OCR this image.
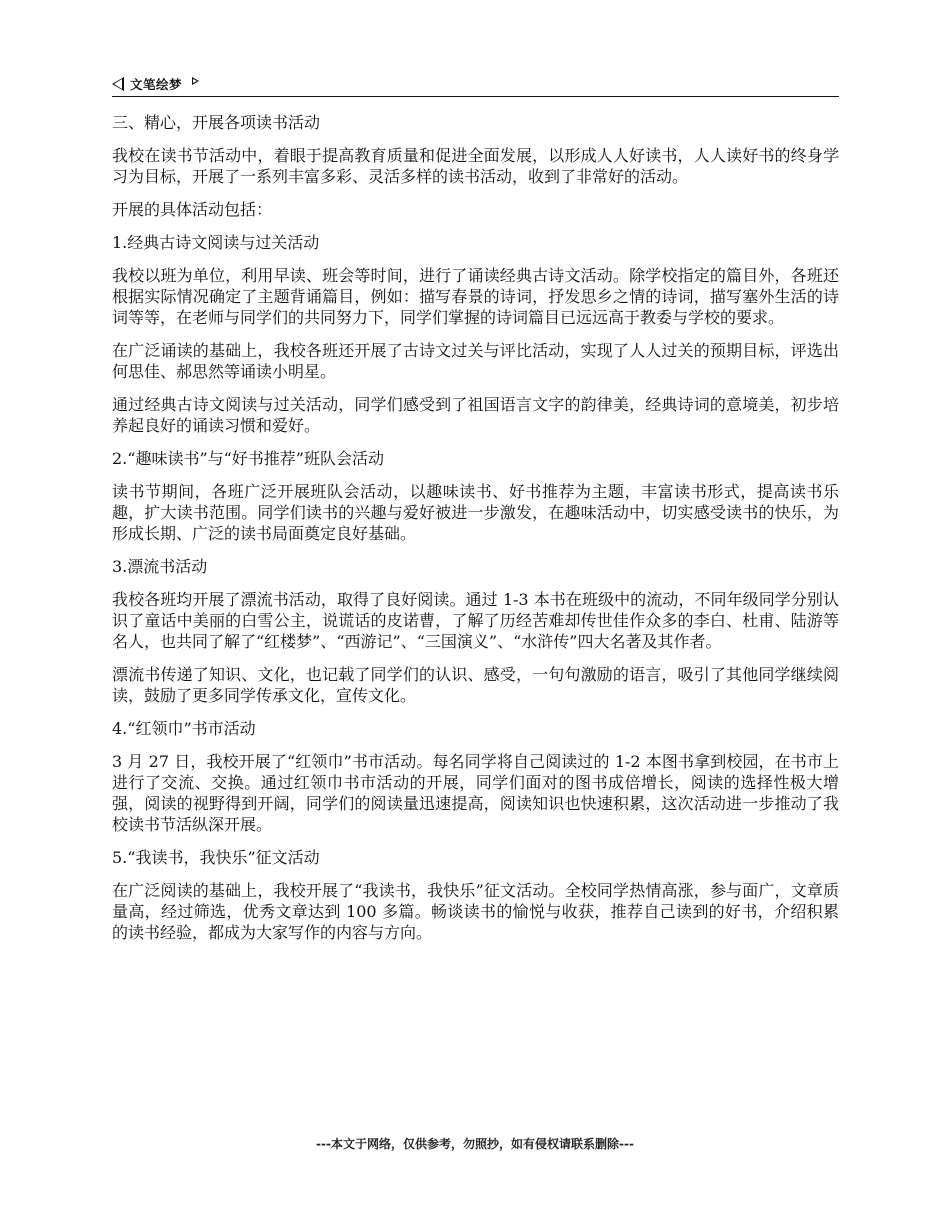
文笔绘梦

三、精心，开展各项读书活动

我校在读书节活动中，着眼于提高教育质量和促进全面发展，以形成人人好读书，人人读好书的终身学习为目标，开展了一系列丰富多彩、灵活多样的读书活动，收到了非常好的活动。

开展的具体活动包括：

1.经典古诗文阅读与过关活动

我校以班为单位，利用早读、班会等时间，进行了诵读经典古诗文活动。除学校指定的篇目外，各班还根据实际情况确定了主题背诵篇目，例如：描写春景的诗词，抒发思乡之情的诗词，描写塞外生活的诗词等等，在老师与同学们的共同努力下，同学们掌握的诗词篇目已远远高于教委与学校的要求。

在广泛诵读的基础上，我校各班还开展了古诗文过关与评比活动，实现了人人过关的预期目标，评选出何思佳、郝思然等诵读小明星。

通过经典古诗文阅读与过关活动，同学们感受到了祖国语言文字的韵律美，经典诗词的意境美，初步培养起良好的诵读习惯和爱好。

2.“趣味读书”与“好书推荐”班队会活动

读书节期间，各班广泛开展班队会活动，以趣味读书、好书推荐为主题，丰富读书形式，提高读书乐趣，扩大读书范围。同学们读书的兴趣与爱好被进一步激发，在趣味活动中，切实感受读书的快乐，为形成长期、广泛的读书局面奠定良好基础。

3.漂流书活动

我校各班均开展了漂流书活动，取得了良好阅读。通过 1-3 本书在班级中的流动，不同年级同学分别认识了童话中美丽的白雪公主，说谎话的皮诺曹，了解了历经苦难却传世佳作众多的李白、杜甫、陆游等名人，也共同了解了“红楼梦”、“西游记”、“三国演义”、“水浒传”四大名著及其作者。

漂流书传递了知识、文化，也记载了同学们的认识、感受，一句句激励的语言，吸引了其他同学继续阅读，鼓励了更多同学传承文化，宣传文化。

4.“红领巾”书市活动

3 月 27 日，我校开展了“红领巾”书市活动。每名同学将自己阅读过的 1-2 本图书拿到校园，在书市上进行了交流、交换。通过红领巾书市活动的开展，同学们面对的图书成倍增长，阅读的选择性极大增强，阅读的视野得到开阔，同学们的阅读量迅速提高，阅读知识也快速积累，这次活动进一步推动了我校读书节活纵深开展。

5.“我读书，我快乐”征文活动

在广泛阅读的基础上，我校开展了“我读书，我快乐”征文活动。全校同学热情高涨，参与面广，文章质量高，经过筛选，优秀文章达到 100 多篇。畅谈读书的愉悦与收获，推荐自己读到的好书，介绍积累的读书经验，都成为大家写作的内容与方向。

---本文于网络，仅供参考，勿照抄，如有侵权请联系删除---
